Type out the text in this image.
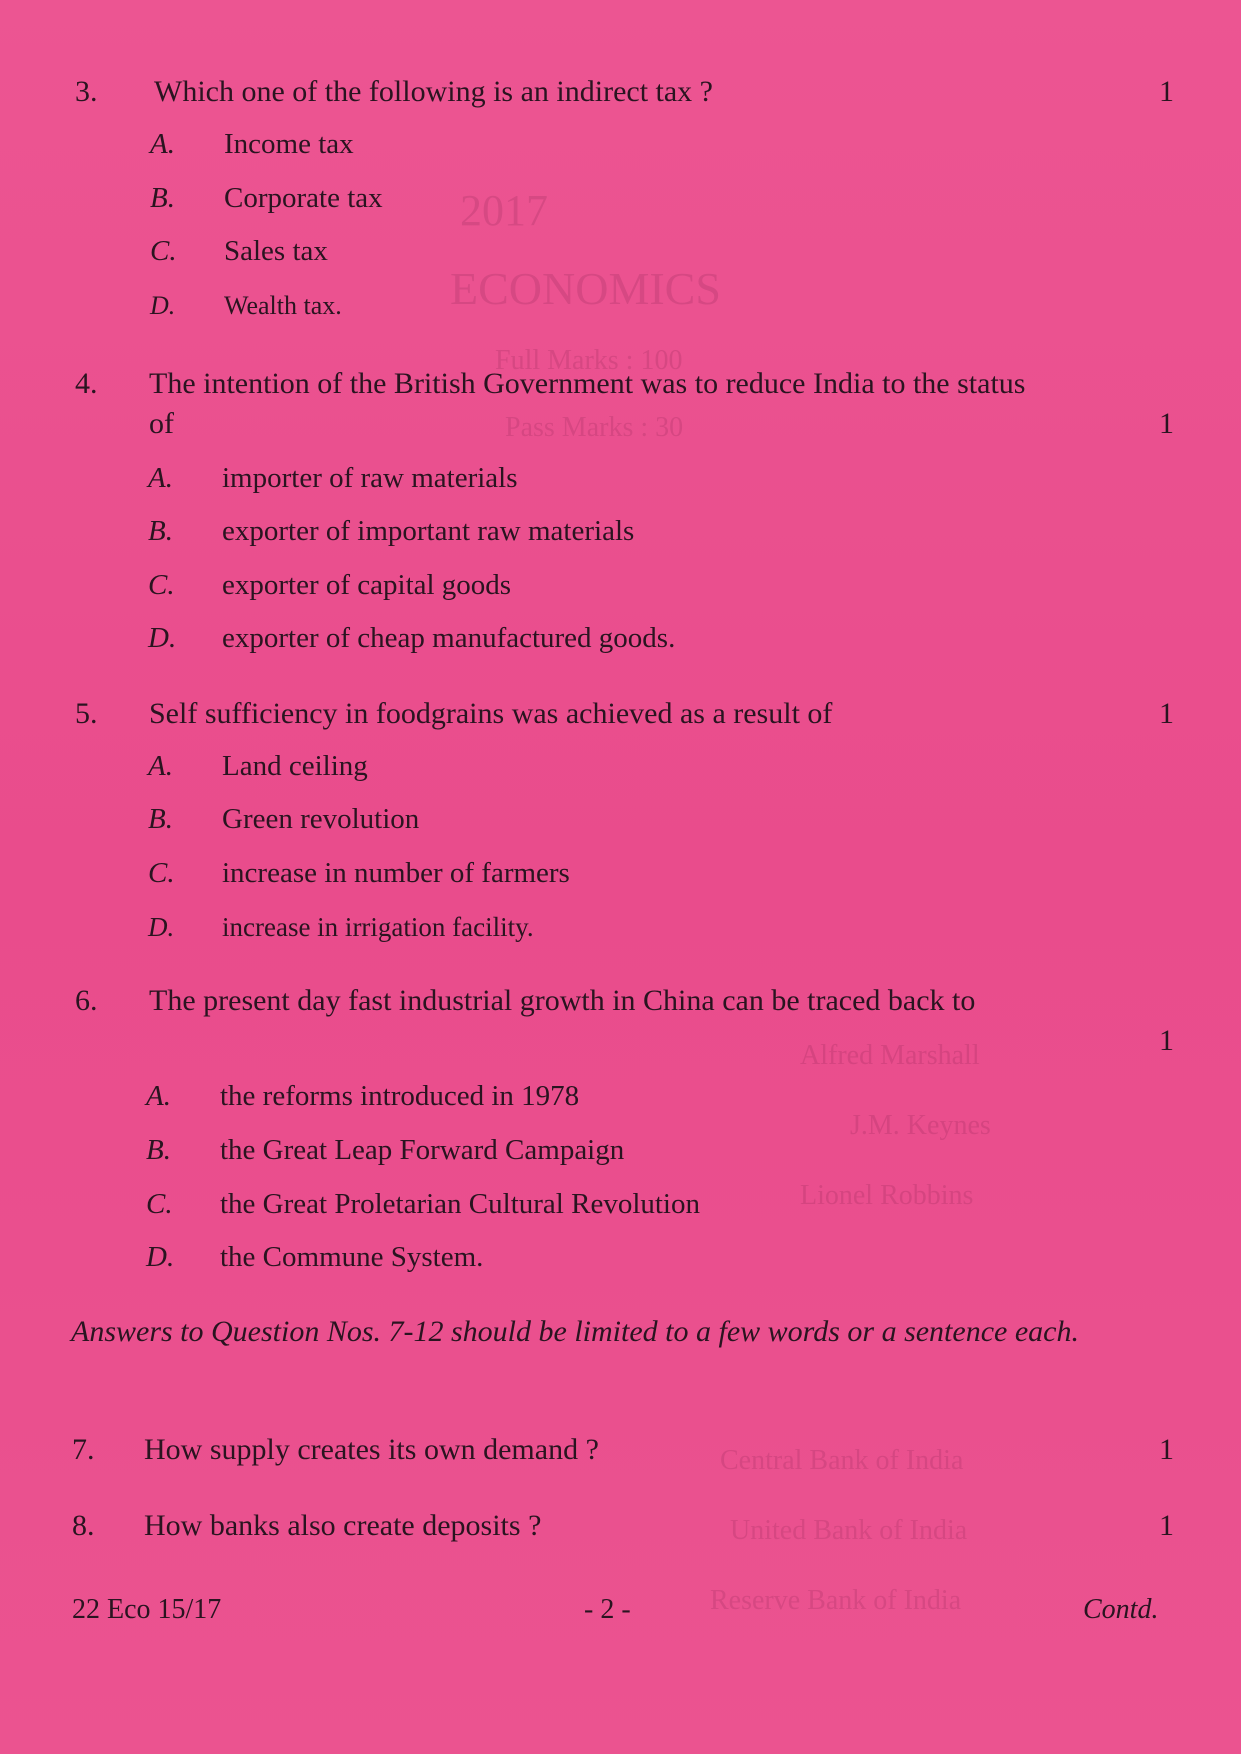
2017
ECONOMICS
Full Marks : 100
Pass Marks : 30
Alfred Marshall
J.M. Keynes
Lionel Robbins
Central Bank of India
United Bank of India
Reserve Bank of India
3. Which one of the following is an indirect tax ?	1
A. Income tax
B. Corporate tax
C. Sales tax
D. Wealth tax.
4. The intention of the British Government was to reduce India to the status
of	1
A. importer of raw materials
B. exporter of important raw materials
C. exporter of capital goods
D. exporter of cheap manufactured goods.
5. Self sufficiency in foodgrains was achieved as a result of	1
A. Land ceiling
B. Green revolution
C. increase in number of farmers
D. increase in irrigation facility.
6. The present day fast industrial growth in China can be traced back to
1
A. the reforms introduced in 1978
B. the Great Leap Forward Campaign
C. the Great Proletarian Cultural Revolution
D. the Commune System.
Answers to Question Nos. 7-12 should be limited to a few words or a sentence each.
7. How supply creates its own demand ?	1
8. How banks also create deposits ?	1
22 Eco 15/17	- 2 -	Contd.
